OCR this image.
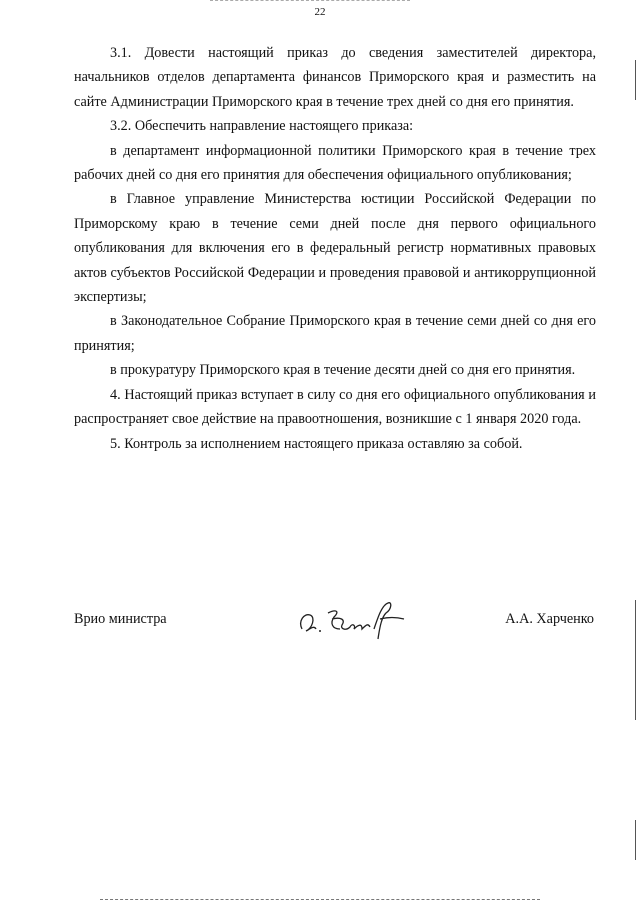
22

3.1. Довести настоящий приказ до сведения заместителей директора, начальников отделов департамента финансов Приморского края и разместить на сайте Администрации Приморского края в течение трех дней со дня его принятия.

3.2. Обеспечить направление настоящего приказа:

в департамент информационной политики Приморского края в течение трех рабочих дней со дня его принятия для обеспечения официального опубликования;

в Главное управление Министерства юстиции Российской Федерации по Приморскому краю в течение семи дней после дня первого официального опубликования для включения его в федеральный регистр нормативных правовых актов субъектов Российской Федерации и проведения правовой и антикоррупционной экспертизы;

в Законодательное Собрание Приморского края в течение семи дней со дня его принятия;

в прокуратуру Приморского края в течение десяти дней со дня его принятия.

4. Настоящий приказ вступает в силу со дня его официального опубликования и распространяет свое действие на правоотношения, возникшие с 1 января 2020 года.

5. Контроль за исполнением настоящего приказа оставляю за собой.

Врио министра	А.А. Харченко
